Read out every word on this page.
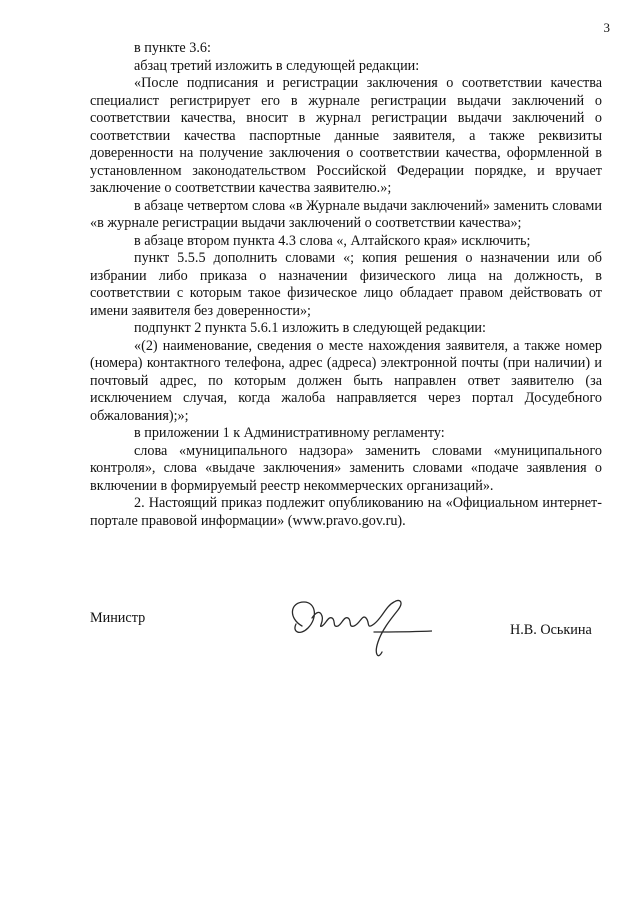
3

в пункте 3.6:

абзац третий изложить в следующей редакции:

«После подписания и регистрации заключения о соответствии качества специалист регистрирует его в журнале регистрации выдачи заключений о соответствии качества, вносит в журнал регистрации выдачи заключений о соответствии качества паспортные данные заявителя, а также реквизиты доверенности на получение заключения о соответствии качества, оформленной в установленном законодательством Российской Федерации порядке, и вручает заключение о соответствии качества заявителю.»;

в абзаце четвертом слова «в Журнале выдачи заключений» заменить словами «в журнале регистрации выдачи заключений о соответствии качества»;

в абзаце втором пункта 4.3 слова «, Алтайского края» исключить;

пункт 5.5.5 дополнить словами «; копия решения о назначении или об избрании либо приказа о назначении физического лица на должность, в соответствии с которым такое физическое лицо обладает правом действовать от имени заявителя без доверенности»;

подпункт 2 пункта 5.6.1 изложить в следующей редакции:

«(2) наименование, сведения о месте нахождения заявителя, а также номер (номера) контактного телефона, адрес (адреса) электронной почты (при наличии) и почтовый адрес, по которым должен быть направлен ответ заявителю (за исключением случая, когда жалоба направляется через портал Досудебного обжалования);»;

в приложении 1 к Административному регламенту:

слова «муниципального надзора» заменить словами «муниципального контроля», слова «выдаче заключения» заменить словами «подаче заявления о включении в формируемый реестр некоммерческих организаций».

2. Настоящий приказ подлежит опубликованию на «Официальном интернет-портале правовой информации» (www.pravo.gov.ru).

Министр
Н.В. Оськина
